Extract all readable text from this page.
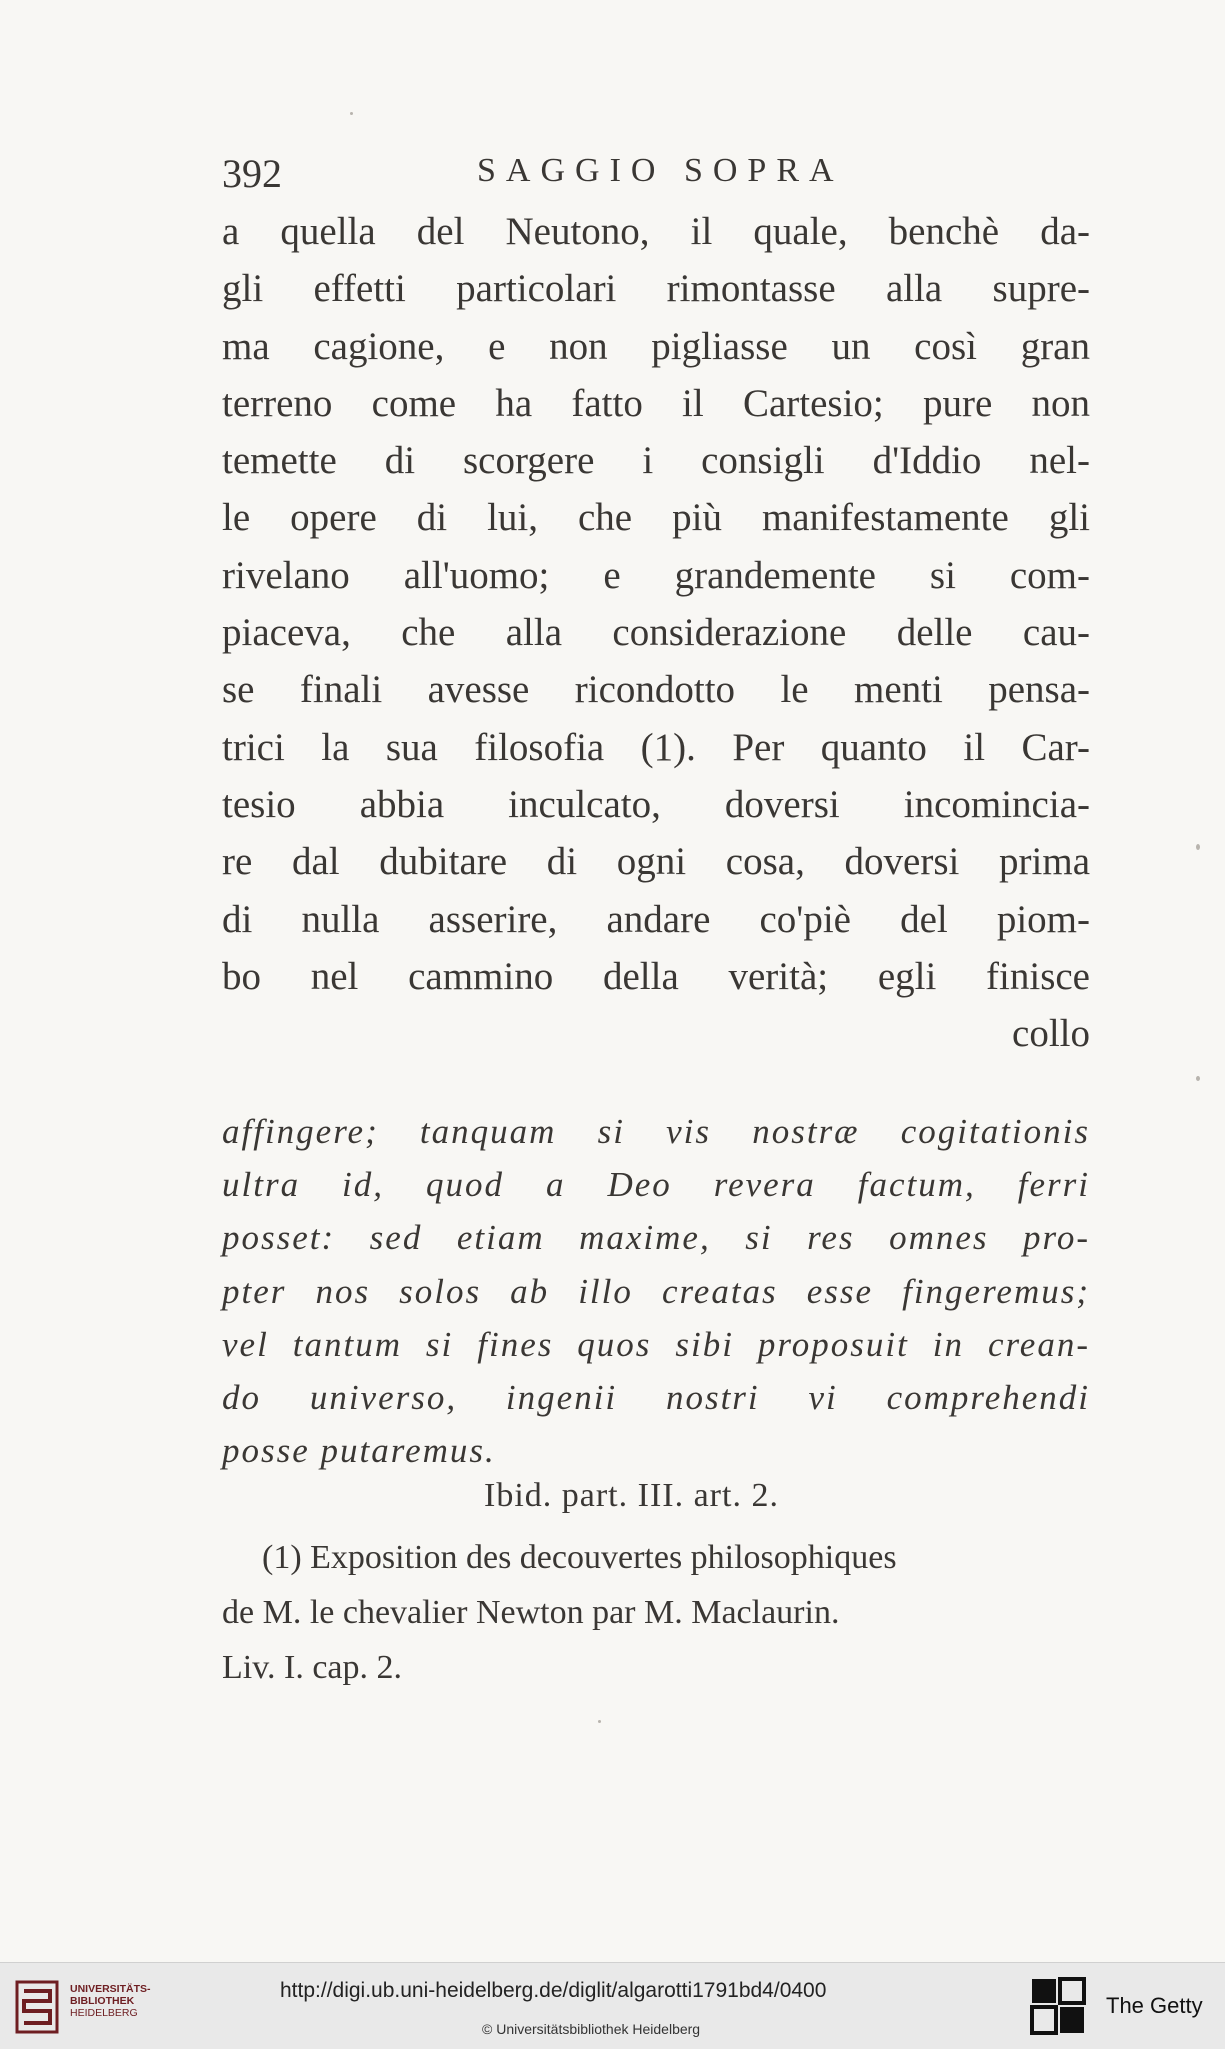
392	SAGGIO SOPRA
a quella del Neutono, il quale, benchè da-
gli effetti particolari rimontasse alla supre-
ma cagione, e non pigliasse un così gran
terreno come ha fatto il Cartesio; pure non
temette di scorgere i consigli d'Iddio nel-
le opere di lui, che più manifestamente gli
rivelano all'uomo; e grandemente si com-
piaceva, che alla considerazione delle cau-
se finali avesse ricondotto le menti pensa-
trici la sua filosofia (1). Per quanto il Car-
tesio abbia inculcato, doversi incomincia-
re dal dubitare di ogni cosa, doversi prima
di nulla asserire, andare co'piè del piom-
bo nel cammino della verità; egli finisce
collo
affingere; tanquam si vis nostræ cogitationis
ultra id, quod a Deo revera factum, ferri
posset: sed etiam maxime, si res omnes pro-
pter nos solos ab illo creatas esse fingeremus;
vel tantum si fines quos sibi proposuit in crean-
do universo, ingenii nostri vi comprehendi
posse putaremus.
Ibid. part. III. art. 2.
(1) Exposition des decouvertes philosophiques
de M. le chevalier Newton par M. Maclaurin.
Liv. I. cap. 2.
UNIVERSITÄTS-
BIBLIOTHEK
HEIDELBERG
http://digi.ub.uni-heidelberg.de/diglit/algarotti1791bd4/0400
© Universitätsbibliothek Heidelberg
The Getty
